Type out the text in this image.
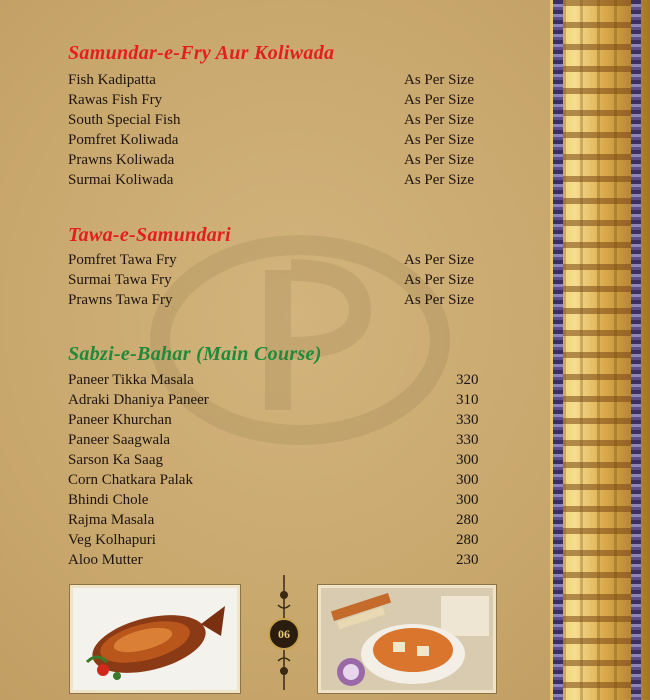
Samundar-e-Fry Aur Koliwada
Fish Kadipatta	As Per Size
Rawas Fish Fry	As Per Size
South Special Fish	As Per Size
Pomfret Koliwada	As Per Size
Prawns Koliwada	As Per Size
Surmai Koliwada	As Per Size
Tawa-e-Samundari
Pomfret Tawa Fry	As Per Size
Surmai Tawa Fry	As Per Size
Prawns Tawa Fry	As Per Size
Sabzi-e-Bahar (Main Course)
Paneer Tikka Masala	320
Adraki Dhaniya Paneer	310
Paneer Khurchan	330
Paneer Saagwala	330
Sarson Ka Saag	300
Corn Chatkara Palak	300
Bhindi Chole	300
Rajma Masala	280
Veg Kolhapuri	280
Aloo Mutter	230
06
